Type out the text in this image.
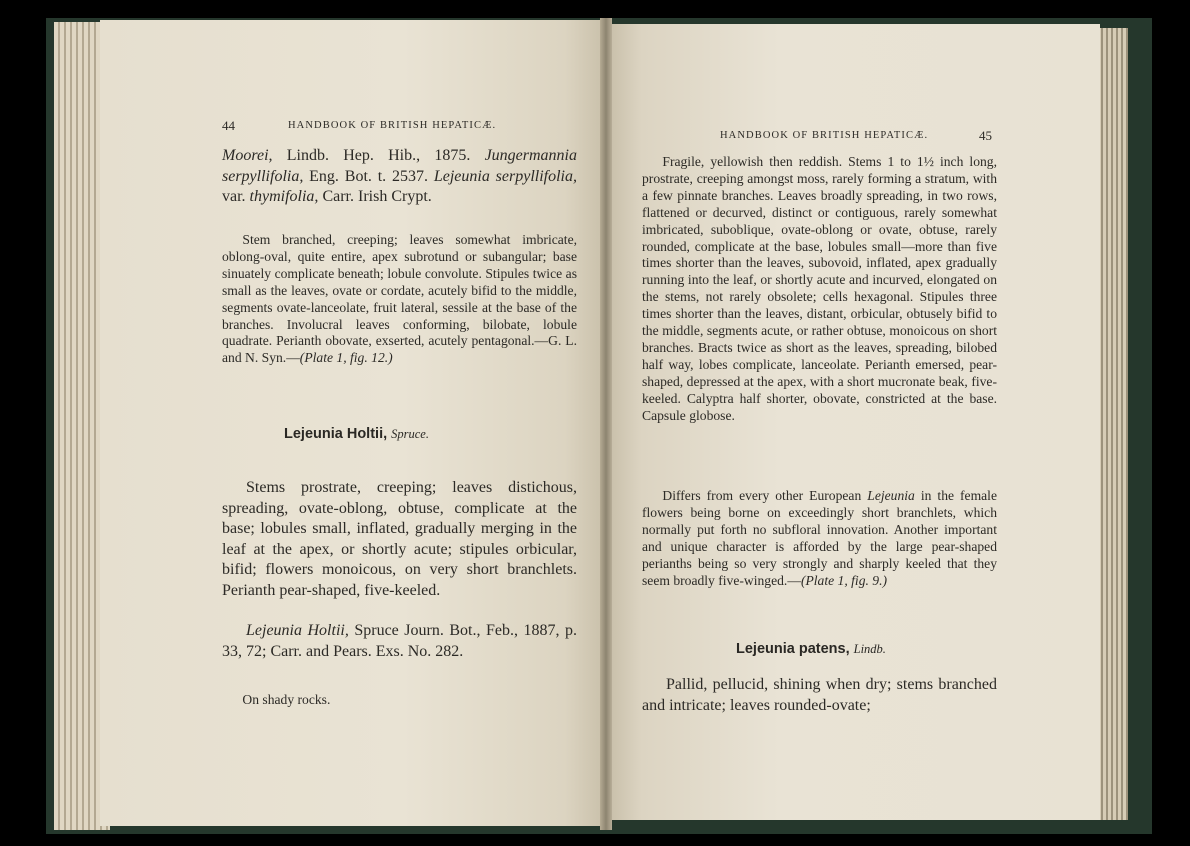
44	HANDBOOK OF BRITISH HEPATICÆ.

Moorei, Lindb. Hep. Hib., 1875. Jungermannia serpyllifolia, Eng. Bot. t. 2537. Lejeunia serpyllifolia, var. thymifolia, Carr. Irish Crypt.

Stem branched, creeping; leaves somewhat imbricate, oblong-oval, quite entire, apex subrotund or subangular; base sinuately complicate beneath; lobule convolute. Stipules twice as small as the leaves, ovate or cordate, acutely bifid to the middle, segments ovate-lanceolate, fruit lateral, sessile at the base of the branches. Involucral leaves conforming, bilobate, lobule quadrate. Perianth obovate, exserted, acutely pentagonal.—G. L. and N. Syn.—(Plate 1, fig. 12.)

Lejeunia Holtii, Spruce.

Stems prostrate, creeping; leaves distichous, spreading, ovate-oblong, obtuse, complicate at the base; lobules small, inflated, gradually merging in the leaf at the apex, or shortly acute; stipules orbicular, bifid; flowers monoicous, on very short branchlets. Perianth pear-shaped, five-keeled.

Lejeunia Holtii, Spruce Journ. Bot., Feb., 1887, p. 33, 72; Carr. and Pears. Exs. No. 282.

On shady rocks.

HANDBOOK OF BRITISH HEPATICÆ.	45

Fragile, yellowish then reddish. Stems 1 to 1½ inch long, prostrate, creeping amongst moss, rarely forming a stratum, with a few pinnate branches. Leaves broadly spreading, in two rows, flattened or decurved, distinct or contiguous, rarely somewhat imbricated, suboblique, ovate-oblong or ovate, obtuse, rarely rounded, complicate at the base, lobules small—more than five times shorter than the leaves, subovoid, inflated, apex gradually running into the leaf, or shortly acute and incurved, elongated on the stems, not rarely obsolete; cells hexagonal. Stipules three times shorter than the leaves, distant, orbicular, obtusely bifid to the middle, segments acute, or rather obtuse, monoicous on short branches. Bracts twice as short as the leaves, spreading, bilobed half way, lobes complicate, lanceolate. Perianth emersed, pear-shaped, depressed at the apex, with a short mucronate beak, five-keeled. Calyptra half shorter, obovate, constricted at the base. Capsule globose.

Differs from every other European Lejeunia in the female flowers being borne on exceedingly short branchlets, which normally put forth no subfloral innovation. Another important and unique character is afforded by the large pear-shaped perianths being so very strongly and sharply keeled that they seem broadly five-winged.—(Plate 1, fig. 9.)

Lejeunia patens, Lindb.

Pallid, pellucid, shining when dry; stems branched and intricate; leaves rounded-ovate;
